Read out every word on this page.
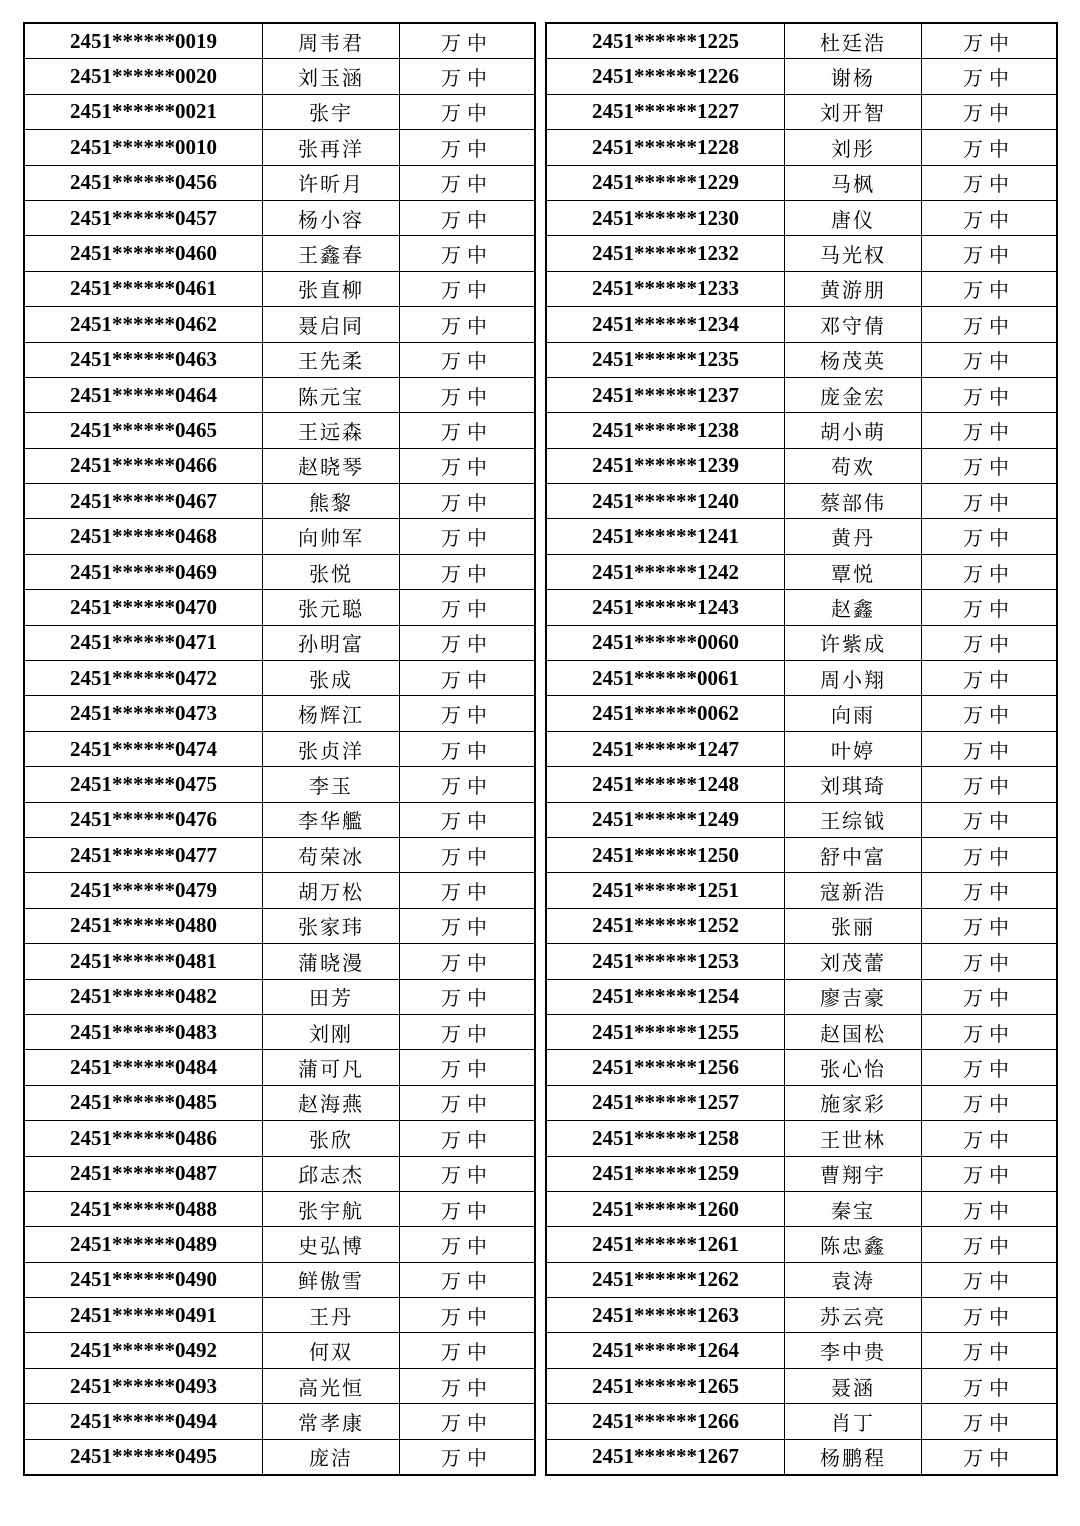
2451******0019	周韦君	万中
2451******0020	刘玉涵	万中
2451******0021	张宇	万中
2451******0010	张再洋	万中
2451******0456	许昕月	万中
2451******0457	杨小容	万中
2451******0460	王鑫春	万中
2451******0461	张直柳	万中
2451******0462	聂启同	万中
2451******0463	王先柔	万中
2451******0464	陈元宝	万中
2451******0465	王远森	万中
2451******0466	赵晓琴	万中
2451******0467	熊黎	万中
2451******0468	向帅军	万中
2451******0469	张悦	万中
2451******0470	张元聪	万中
2451******0471	孙明富	万中
2451******0472	张成	万中
2451******0473	杨辉江	万中
2451******0474	张贞洋	万中
2451******0475	李玉	万中
2451******0476	李华艦	万中
2451******0477	苟荣冰	万中
2451******0479	胡万松	万中
2451******0480	张家玮	万中
2451******0481	蒲晓漫	万中
2451******0482	田芳	万中
2451******0483	刘刚	万中
2451******0484	蒲可凡	万中
2451******0485	赵海燕	万中
2451******0486	张欣	万中
2451******0487	邱志杰	万中
2451******0488	张宇航	万中
2451******0489	史弘博	万中
2451******0490	鲜傲雪	万中
2451******0491	王丹	万中
2451******0492	何双	万中
2451******0493	高光恒	万中
2451******0494	常孝康	万中
2451******0495	庞洁	万中
2451******1225	杜廷浩	万中
2451******1226	谢杨	万中
2451******1227	刘开智	万中
2451******1228	刘彤	万中
2451******1229	马枫	万中
2451******1230	唐仪	万中
2451******1232	马光权	万中
2451******1233	黄游朋	万中
2451******1234	邓守倩	万中
2451******1235	杨茂英	万中
2451******1237	庞金宏	万中
2451******1238	胡小萌	万中
2451******1239	苟欢	万中
2451******1240	蔡部伟	万中
2451******1241	黄丹	万中
2451******1242	覃悦	万中
2451******1243	赵鑫	万中
2451******0060	许紫成	万中
2451******0061	周小翔	万中
2451******0062	向雨	万中
2451******1247	叶婷	万中
2451******1248	刘琪琦	万中
2451******1249	王综钺	万中
2451******1250	舒中富	万中
2451******1251	寇新浩	万中
2451******1252	张丽	万中
2451******1253	刘茂蕾	万中
2451******1254	廖吉豪	万中
2451******1255	赵国松	万中
2451******1256	张心怡	万中
2451******1257	施家彩	万中
2451******1258	王世林	万中
2451******1259	曹翔宇	万中
2451******1260	秦宝	万中
2451******1261	陈忠鑫	万中
2451******1262	袁涛	万中
2451******1263	苏云亮	万中
2451******1264	李中贵	万中
2451******1265	聂涵	万中
2451******1266	肖丁	万中
2451******1267	杨鹏程	万中
